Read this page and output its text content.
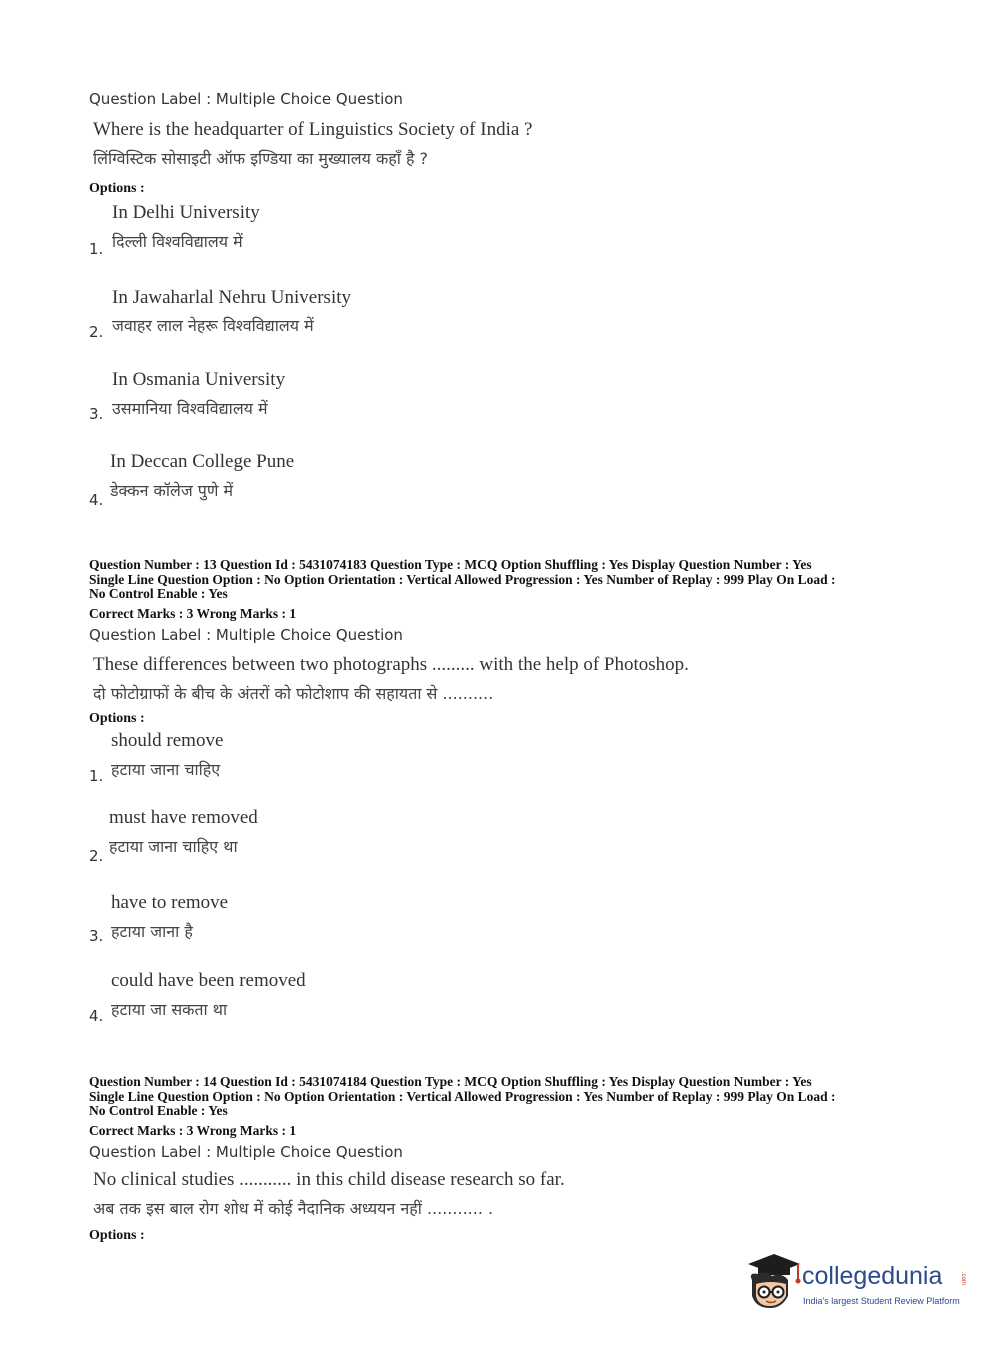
Question Label : Multiple Choice Question
Where is the headquarter of Linguistics Society of India ?
लिंग्विस्टिक सोसाइटी ऑफ इण्डिया का मुख्यालय कहाँ है ?
Options :
In Delhi University
दिल्ली विश्वविद्यालय में
1.
In Jawaharlal Nehru University
जवाहर लाल नेहरू विश्वविद्यालय में
2.
In Osmania University
उसमानिया विश्वविद्यालय में
3.
In Deccan College Pune
डेक्कन कॉलेज पुणे में
4.
Question Number : 13 Question Id : 5431074183 Question Type : MCQ Option Shuffling : Yes Display Question Number : Yes
Single Line Question Option : No Option Orientation : Vertical Allowed Progression : Yes Number of Replay : 999 Play On Load :
No Control Enable : Yes
Correct Marks : 3 Wrong Marks : 1
Question Label : Multiple Choice Question
These differences between two photographs ......... with the help of Photoshop.
दो फोटोग्राफों के बीच के अंतरों को फोटोशाप की सहायता से ..........
Options :
should remove
हटाया जाना चाहिए
1.
must have removed
हटाया जाना चाहिए था
2.
have to remove
हटाया जाना है
3.
could have been removed
हटाया जा सकता था
4.
Question Number : 14 Question Id : 5431074184 Question Type : MCQ Option Shuffling : Yes Display Question Number : Yes
Single Line Question Option : No Option Orientation : Vertical Allowed Progression : Yes Number of Replay : 999 Play On Load :
No Control Enable : Yes
Correct Marks : 3 Wrong Marks : 1
Question Label : Multiple Choice Question
No clinical studies ........... in this child disease research so far.
अब तक इस बाल रोग शोध में कोई नैदानिक अध्ययन नहीं ........... .
Options :
collegedunia	.com
India's largest Student Review Platform
